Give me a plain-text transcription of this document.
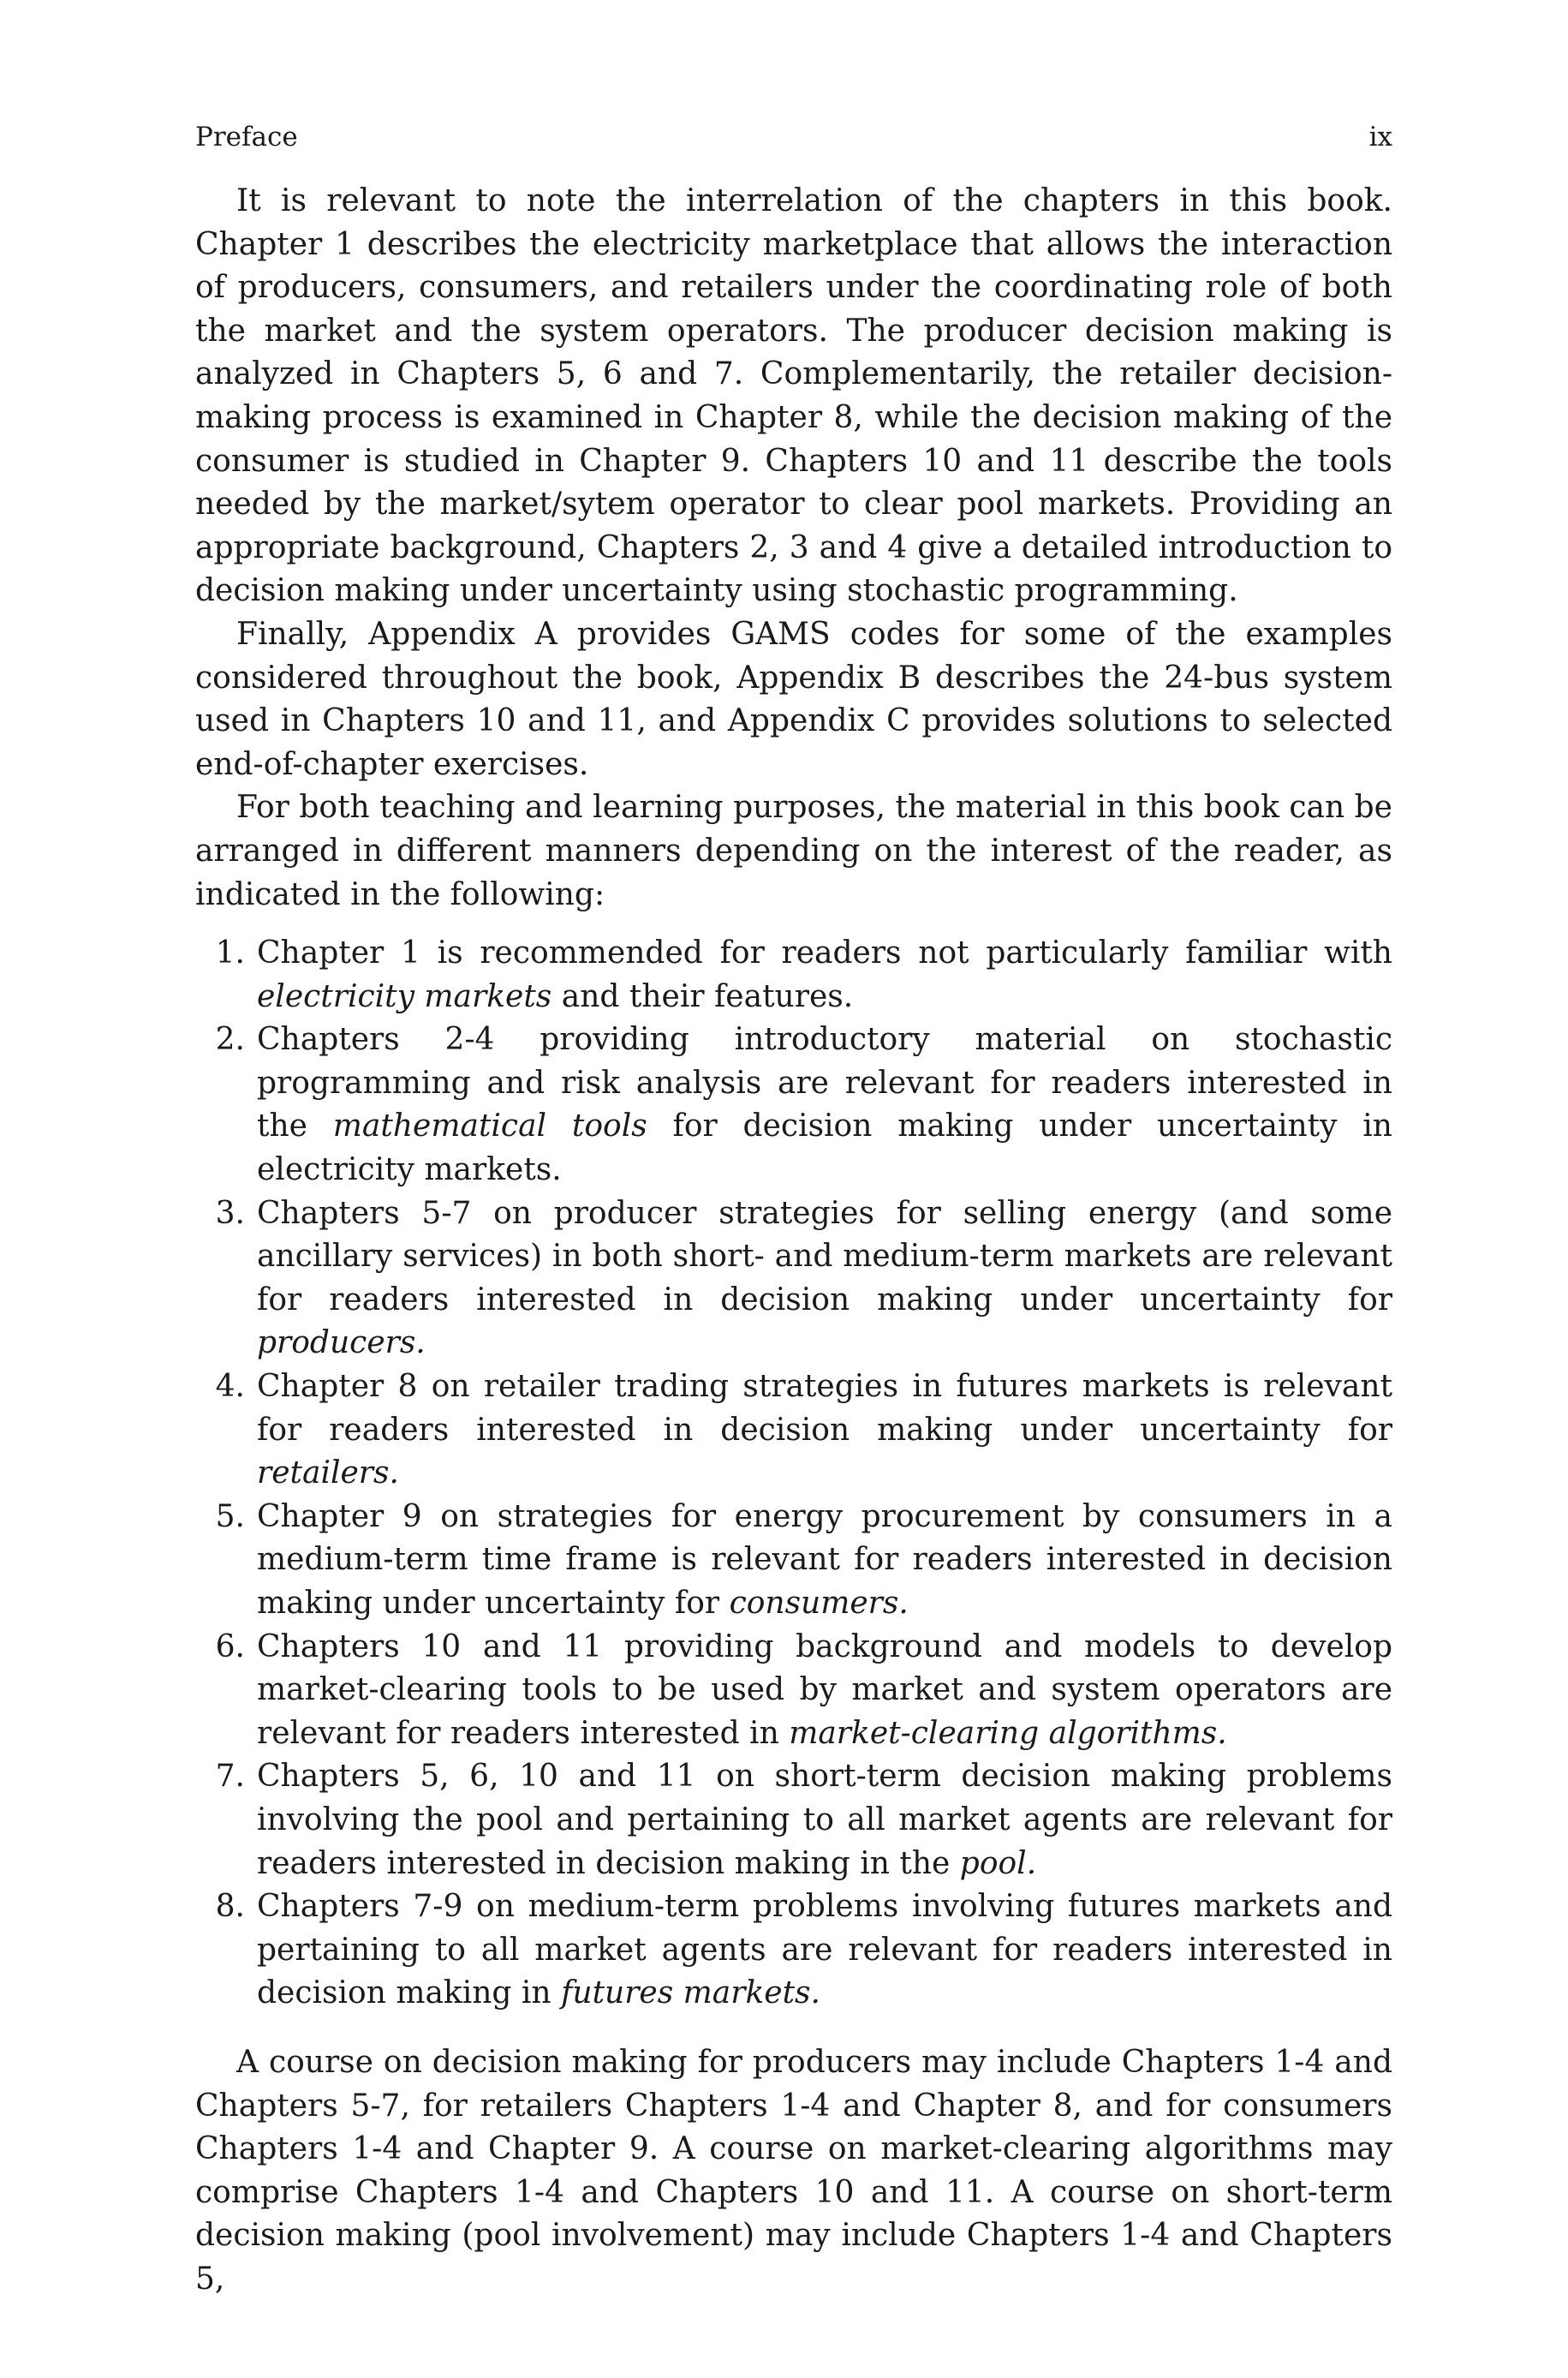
Preface	ix

It is relevant to note the interrelation of the chapters in this book. Chapter 1 describes the electricity marketplace that allows the interaction of producers, consumers, and retailers under the coordinating role of both the market and the system operators. The producer decision making is analyzed in Chapters 5, 6 and 7. Complementarily, the retailer decision-making process is examined in Chapter 8, while the decision making of the consumer is studied in Chapter 9. Chapters 10 and 11 describe the tools needed by the market/sytem operator to clear pool markets. Providing an appropriate background, Chapters 2, 3 and 4 give a detailed introduction to decision making under uncertainty using stochastic programming.

Finally, Appendix A provides GAMS codes for some of the examples considered throughout the book, Appendix B describes the 24-bus system used in Chapters 10 and 11, and Appendix C provides solutions to selected end-of-chapter exercises.

For both teaching and learning purposes, the material in this book can be arranged in different manners depending on the interest of the reader, as indicated in the following:

1. Chapter 1 is recommended for readers not particularly familiar with electricity markets and their features.
2. Chapters 2-4 providing introductory material on stochastic programming and risk analysis are relevant for readers interested in the mathematical tools for decision making under uncertainty in electricity markets.
3. Chapters 5-7 on producer strategies for selling energy (and some ancillary services) in both short- and medium-term markets are relevant for readers interested in decision making under uncertainty for producers.
4. Chapter 8 on retailer trading strategies in futures markets is relevant for readers interested in decision making under uncertainty for retailers.
5. Chapter 9 on strategies for energy procurement by consumers in a medium-term time frame is relevant for readers interested in decision making under uncertainty for consumers.
6. Chapters 10 and 11 providing background and models to develop market-clearing tools to be used by market and system operators are relevant for readers interested in market-clearing algorithms.
7. Chapters 5, 6, 10 and 11 on short-term decision making problems involving the pool and pertaining to all market agents are relevant for readers interested in decision making in the pool.
8. Chapters 7-9 on medium-term problems involving futures markets and pertaining to all market agents are relevant for readers interested in decision making in futures markets.

A course on decision making for producers may include Chapters 1-4 and Chapters 5-7, for retailers Chapters 1-4 and Chapter 8, and for consumers Chapters 1-4 and Chapter 9. A course on market-clearing algorithms may comprise Chapters 1-4 and Chapters 10 and 11. A course on short-term decision making (pool involvement) may include Chapters 1-4 and Chapters 5,
